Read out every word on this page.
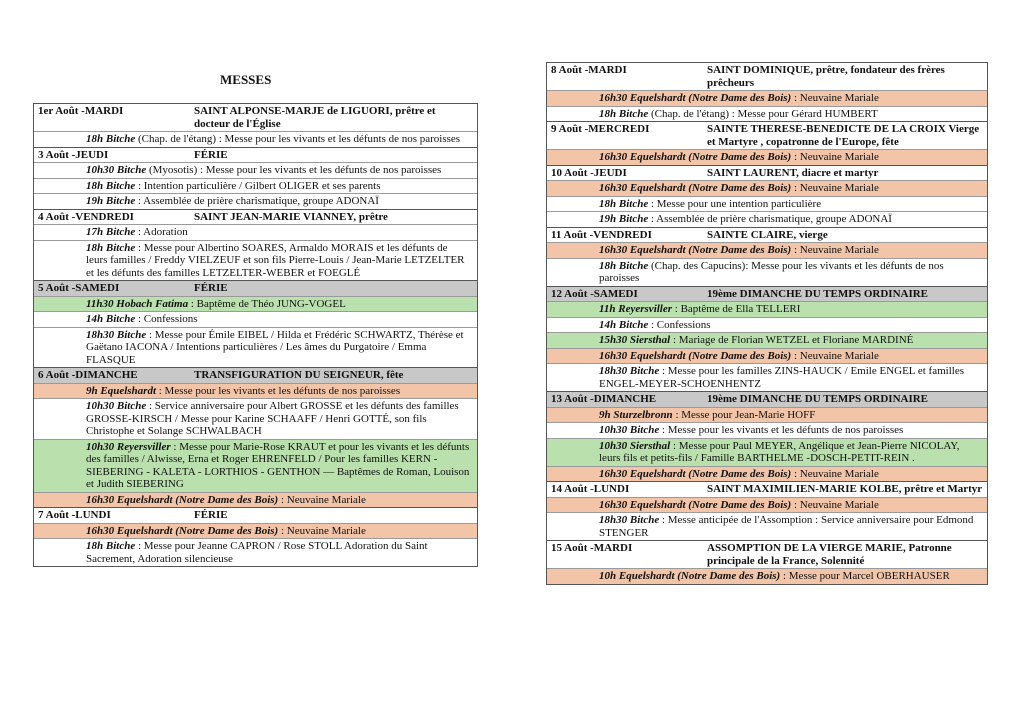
MESSES
1er Août -MARDI	SAINT ALPONSE-MARJE de LIGUORI, prêtre et docteur de l'Église
18h Bitche (Chap. de l'étang) : Messe pour les vivants et les défunts de nos paroisses
3 Août -JEUDI	FÉRIE
10h30 Bitche (Myosotis) : Messe pour les vivants et les défunts de nos paroisses
18h Bitche : Intention particulière / Gilbert OLIGER et ses parents
19h Bitche : Assemblée de prière charismatique, groupe ADONAÏ
4 Août -VENDREDI	SAINT JEAN-MARIE VIANNEY, prêtre
17h Bitche : Adoration
18h Bitche : Messe pour Albertino SOARES, Armaldo MORAIS et les défunts de leurs familles / Freddy VIELZEUF et son fils Pierre-Louis / Jean-Marie LETZELTER et les défunts des familles LETZELTER-WEBER et FOEGLÉ
5 Août -SAMEDI	FÉRIE
11h30 Hobach Fatima : Baptême de Théo JUNG-VOGEL
14h Bitche : Confessions
18h30 Bitche : Messe pour Émile EIBEL / Hilda et Frédéric SCHWARTZ, Thérèse et Gaëtano IACONA / Intentions particulières / Les âmes du Purgatoire / Emma FLASQUE
6 Août -DIMANCHE	TRANSFIGURATION DU SEIGNEUR, fête
9h Equelshardt : Messe pour les vivants et les défunts de nos paroisses
10h30 Bitche : Service anniversaire pour Albert GROSSE et les défunts des familles GROSSE-KIRSCH / Messe pour Karine SCHAAFF / Henri GOTTÉ, son fils Christophe et Solange SCHWALBACH
10h30 Reyersviller : Messe pour Marie-Rose KRAUT et pour les vivants et les défunts des familles / Alwisse, Erna et Roger EHRENFELD / Pour les familles KERN - SIEBERING - KALETA - LORTHIOS - GENTHON — Baptêmes de Roman, Louison et Judith SIEBERING
16h30 Equelshardt (Notre Dame des Bois) : Neuvaine Mariale
7 Août -LUNDI	FÉRIE
16h30 Equelshardt (Notre Dame des Bois) : Neuvaine Mariale
18h Bitche : Messe pour Jeanne CAPRON / Rose STOLL Adoration du Saint Sacrement, Adoration silencieuse
8 Août -MARDI	SAINT DOMINIQUE, prêtre, fondateur des frères prêcheurs
16h30 Equelshardt (Notre Dame des Bois) : Neuvaine Mariale
18h Bitche (Chap. de l'étang) : Messe pour Gérard HUMBERT
9 Août -MERCREDI	SAINTE THERESE-BENEDICTE DE LA CROIX Vierge et Martyre , copatronne de l'Europe, fête
16h30 Equelshardt (Notre Dame des Bois) : Neuvaine Mariale
10 Août -JEUDI	SAINT LAURENT, diacre et martyr
16h30 Equelshardt (Notre Dame des Bois) : Neuvaine Mariale
18h Bitche : Messe pour une intention particulière
19h Bitche : Assemblée de prière charismatique, groupe ADONAÏ
11 Août -VENDREDI	SAINTE CLAIRE, vierge
16h30 Equelshardt (Notre Dame des Bois) : Neuvaine Mariale
18h Bitche (Chap. des Capucins): Messe pour les vivants et les défunts de nos paroisses
12 Août -SAMEDI	19ème DIMANCHE DU TEMPS ORDINAIRE
11h Reyersviller : Baptême de Ella TELLERI
14h Bitche : Confessions
15h30 Siersthal : Mariage de Florian WETZEL et Floriane MARDINÉ
16h30 Equelshardt (Notre Dame des Bois) : Neuvaine Mariale
18h30 Bitche : Messe pour les familles ZINS-HAUCK / Emile ENGEL et familles ENGEL-MEYER-SCHOENHENTZ
13 Août -DIMANCHE	19ème DIMANCHE DU TEMPS ORDINAIRE
9h Sturzelbronn : Messe pour Jean-Marie HOFF
10h30 Bitche : Messe pour les vivants et les défunts de nos paroisses
10h30 Siersthal : Messe pour Paul MEYER, Angélique et Jean-Pierre NICOLAY, leurs fils et petits-fils / Famille BARTHELME -DOSCH-PETIT-REIN .
16h30 Equelshardt (Notre Dame des Bois) : Neuvaine Mariale
14 Août -LUNDI	SAINT MAXIMILIEN-MARIE KOLBE, prêtre et Martyr
16h30 Equelshardt (Notre Dame des Bois) : Neuvaine Mariale
18h30 Bitche : Messe anticipée de l'Assomption : Service anniversaire pour Edmond STENGER
15 Août -MARDI	ASSOMPTION DE LA VIERGE MARIE, Patronne principale de la France, Solennité
10h Equelshardt (Notre Dame des Bois) : Messe pour Marcel OBERHAUSER
